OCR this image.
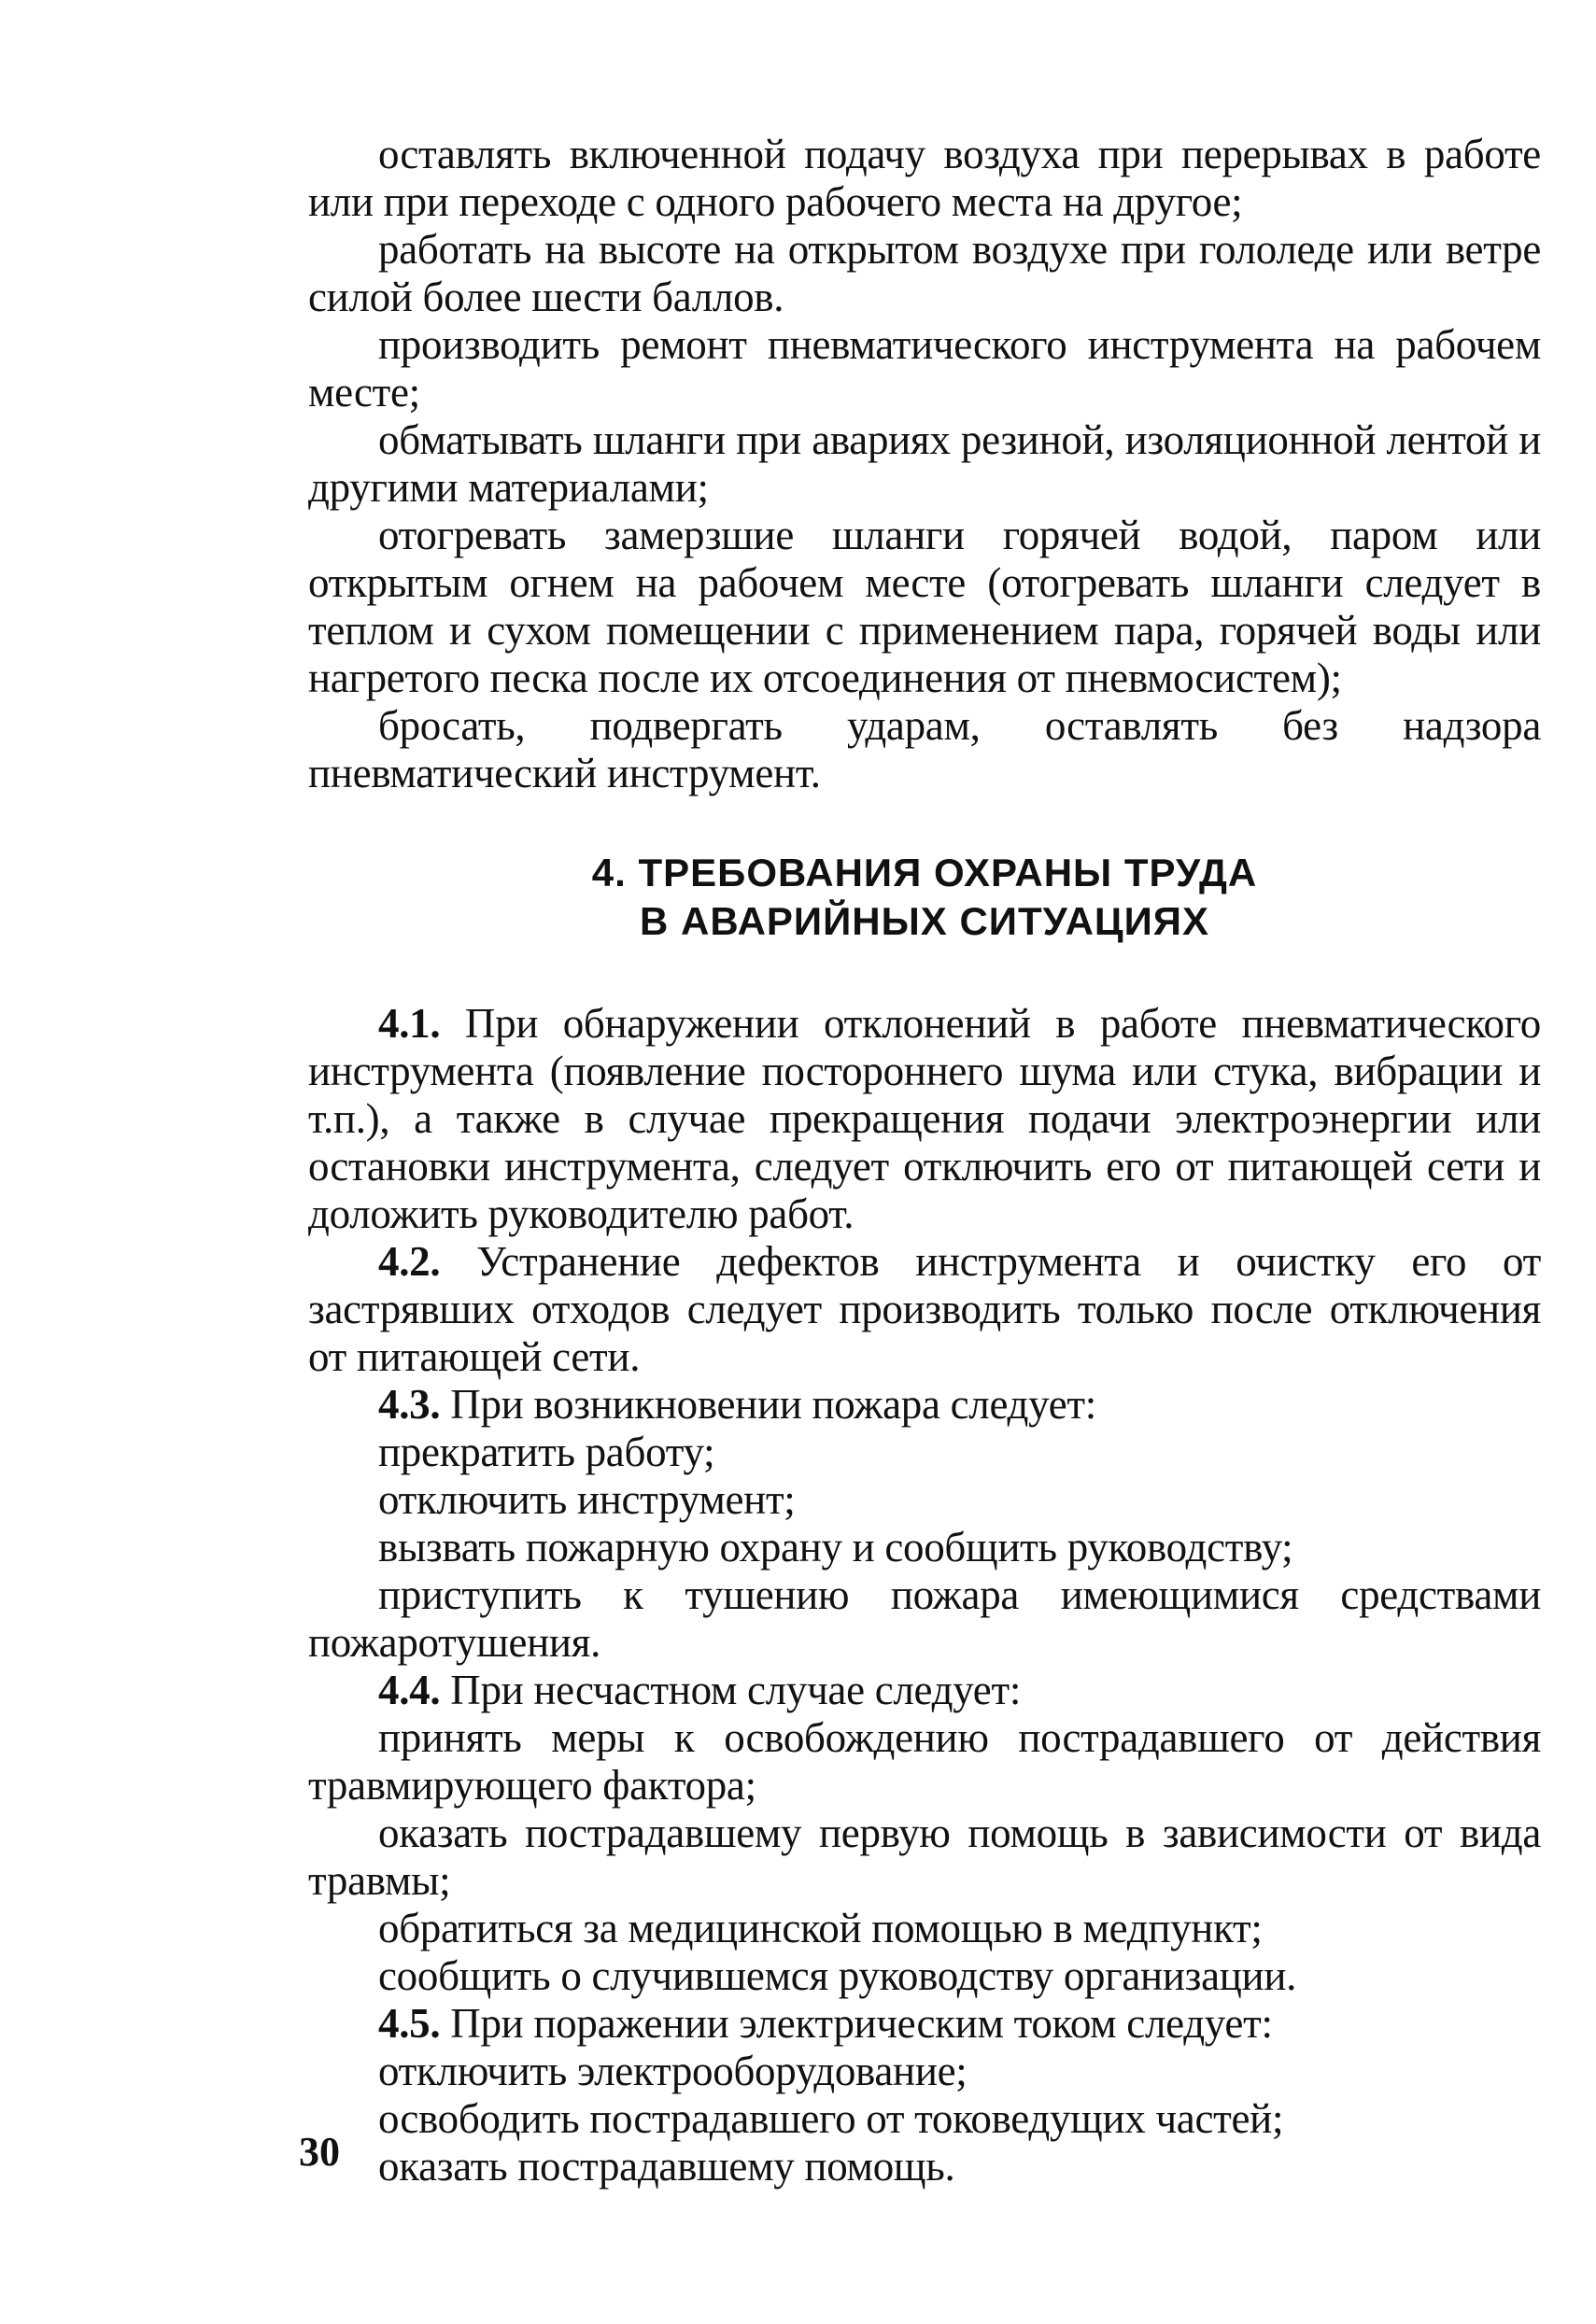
оставлять включенной подачу воздуха при перерывах в работе или при переходе с одного рабочего места на другое;

работать на высоте на открытом воздухе при гололеде или ветре силой более шести баллов.

производить ремонт пневматического инструмента на рабочем месте;

обматывать шланги при авариях резиной, изоляционной лентой и другими материалами;

отогревать замерзшие шланги горячей водой, паром или открытым огнем на рабочем месте (отогревать шланги следует в теплом и сухом помещении с применением пара, горячей воды или нагретого песка после их отсоединения от пневмосистем);

бросать, подвергать ударам, оставлять без надзора пневматический инструмент.

4. ТРЕБОВАНИЯ ОХРАНЫ ТРУДА
В АВАРИЙНЫХ СИТУАЦИЯХ

4.1. При обнаружении отклонений в работе пневматического инструмента (появление постороннего шума или стука, вибрации и т.п.), а также в случае прекращения подачи электроэнергии или остановки инструмента, следует отключить его от питающей сети и доложить руководителю работ.

4.2. Устранение дефектов инструмента и очистку его от застрявших отходов следует производить только после отключения от питающей сети.

4.3. При возникновении пожара следует:

прекратить работу;

отключить инструмент;

вызвать пожарную охрану и сообщить руководству;

приступить к тушению пожара имеющимися средствами пожаротушения.

4.4. При несчастном случае следует:

принять меры к освобождению пострадавшего от действия травмирующего фактора;

оказать пострадавшему первую помощь в зависимости от вида травмы;

обратиться за медицинской помощью в медпункт;

сообщить о случившемся руководству организации.

4.5. При поражении электрическим током следует:

отключить электрооборудование;

освободить пострадавшего от токоведущих частей;

оказать пострадавшему помощь.

30
